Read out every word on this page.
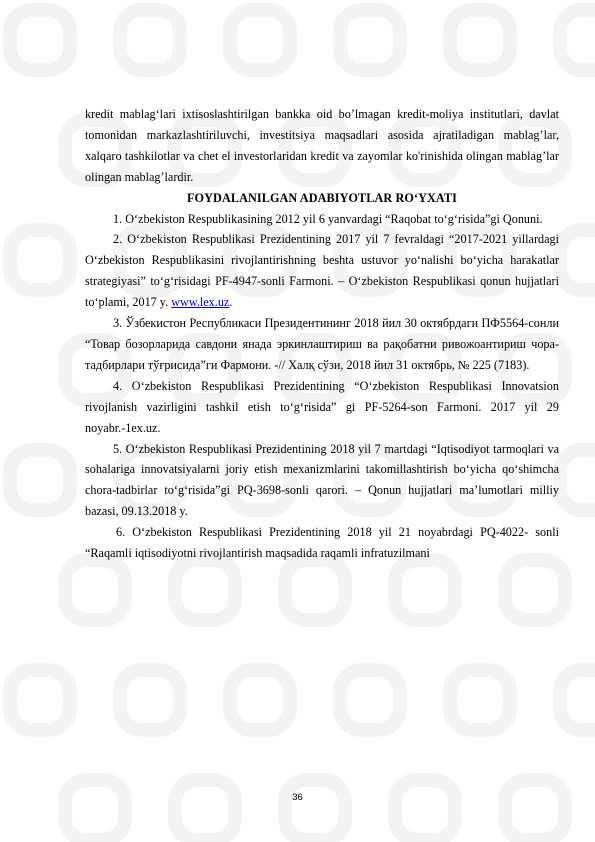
kredit mablag‘lari ixtisoslashtirilgan bankka oid bo’lmagan kredit-moliya institutlari, davlat tomonidan markazlashtiriluvchi, investitsiya maqsadlari asosida ajratiladigan mablag’lar, xalqaro tashkilotlar va chet el investorlaridan kredit va zayomlar ko'rinishida olingan mablag’lar olingan mablag’lardir.

FOYDALANILGAN ADABIYOTLAR RO‘YXATI

1. O‘zbekiston Respublikasining 2012 yil 6 yanvardagi “Raqobat to‘g‘risida”gi Qonuni.

2. O‘zbekiston Respublikasi Prezidentining 2017 yil 7 fevraldagi “2017-2021 yillardagi O‘zbekiston Respublikasini rivojlantirishning beshta ustuvor yo‘nalishi bo‘yicha harakatlar strategiyasi” to‘g‘risidagi PF-4947-sonli Farmoni. – O‘zbekiston Respublikasi qonun hujjatlari to‘plami, 2017 y. www.lex.uz.

3. Ўзбекистон Республикаси Президентининг 2018 йил 30 октябрдаги ПФ5564-сонли “Товар бозорларида савдони янада эркинлаштириш ва рақобатни ривожоантириш чора-тадбирлари тўғрисида”ги Фармони. -// Халқ сўзи, 2018 йил 31 октябрь, № 225 (7183).

4. O‘zbekiston Respublikasi Prezidentining “O‘zbekiston Respublikasi Innovatsion rivojlanish vazirligini tashkil etish to‘g‘risida” gi PF-5264-son Farmoni. 2017 yil 29 noyabr.-1ex.uz.

5. O‘zbekiston Respublikasi Prezidentining 2018 yil 7 martdagi “Iqtisodiyot tarmoqlari va sohalariga innovatsiyalarni joriy etish mexanizmlarini takomillashtirish bo‘yicha qo‘shimcha chora-tadbirlar to‘g‘risida”gi PQ-3698-sonli qarori. – Qonun hujjatlari ma’lumotlari milliy bazasi, 09.13.2018 y.

6. O‘zbekiston Respublikasi Prezidentining 2018 yil 21 noyabrdagi PQ-4022- sonli “Raqamli iqtisodiyotni rivojlantirish maqsadida raqamli infratuzilmani

36
